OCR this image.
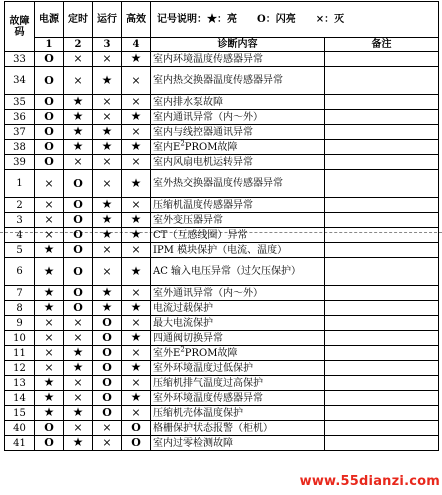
故障码	电源	定时	运行	高效	记号说明：★：亮　　O：闪亮　　×：灭	
	1	2	3	4	诊断内容	备注
33	O	×	×	★	室内环境温度传感器异常	
34	O	×	★	×	室内热交换器温度传感器异常	
35	O	★	×	×	室内排水泵故障	
36	O	★	×	★	室内通讯异常（内～外）	
37	O	★	★	×	室内与线控器通讯异常	
38	O	★	★	★	室内$E^2PROM$故障	
39	O	×	×	×	室内风扇电机运转异常	
1	×	O	×	★	室外热交换器温度传感器异常	
2	×	O	★	×	压缩机温度传感器异常	
3	×	O	★	★	室外变压器异常	
4	×	O	★	★	CT（互感线圈）异常	
5	★	O	×	×	IPM 模块保护（电流、温度）	
6	★	O	×	★	AC 输入电压异常（过欠压保护）	
7	★	O	★	×	室外通讯异常（内～外）	
8	★	O	★	★	电流过载保护	
9	×	×	O	×	最大电流保护	
10	×	×	O	★	四通阀切换异常	
11	×	★	O	×	室外$E^2PROM$故障	
12	×	★	O	★	室外环境温度过低保护	
13	★	×	O	×	压缩机排气温度过高保护	
14	★	×	O	★	室外环境温度传感器异常	
15	★	★	O	×	压缩机壳体温度保护	
40	O	×	×	O	格栅保护状态报警（柜机）	
41	O	★	×	O	室内过零检测故障	
www.55dianzi.com
